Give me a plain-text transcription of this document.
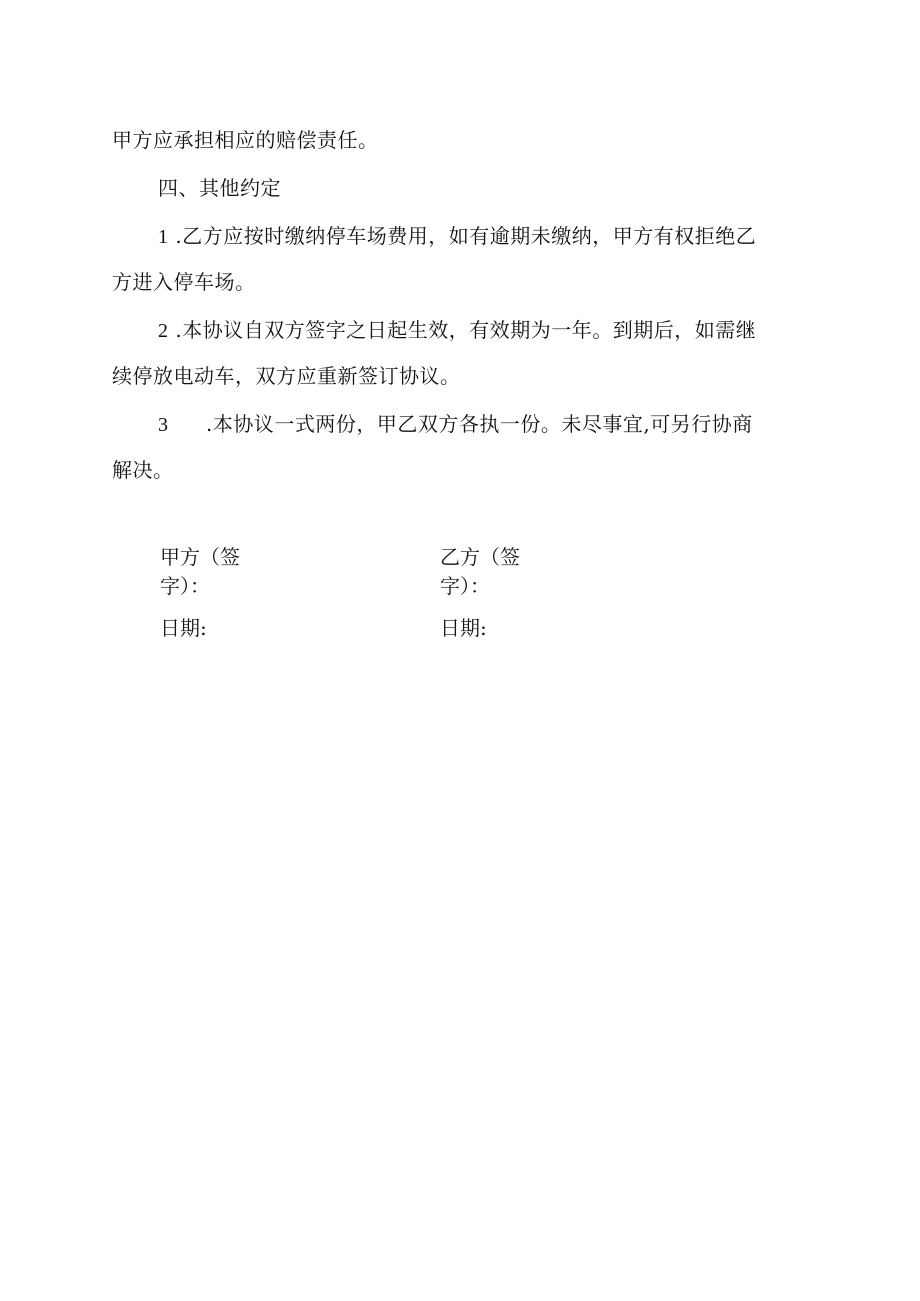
甲方应承担相应的赔偿责任。
四、其他约定
1 .乙方应按时缴纳停车场费用，如有逾期未缴纳，甲方有权拒绝乙
方进入停车场。
2 .本协议自双方签字之日起生效，有效期为一年。到期后，如需继
续停放电动车，双方应重新签订协议。
3 .本协议一式两份，甲乙双方各执一份。未尽事宜,可另行协商
解决。
甲方（签
字）：
日期:
乙方（签
字）：
日期:
